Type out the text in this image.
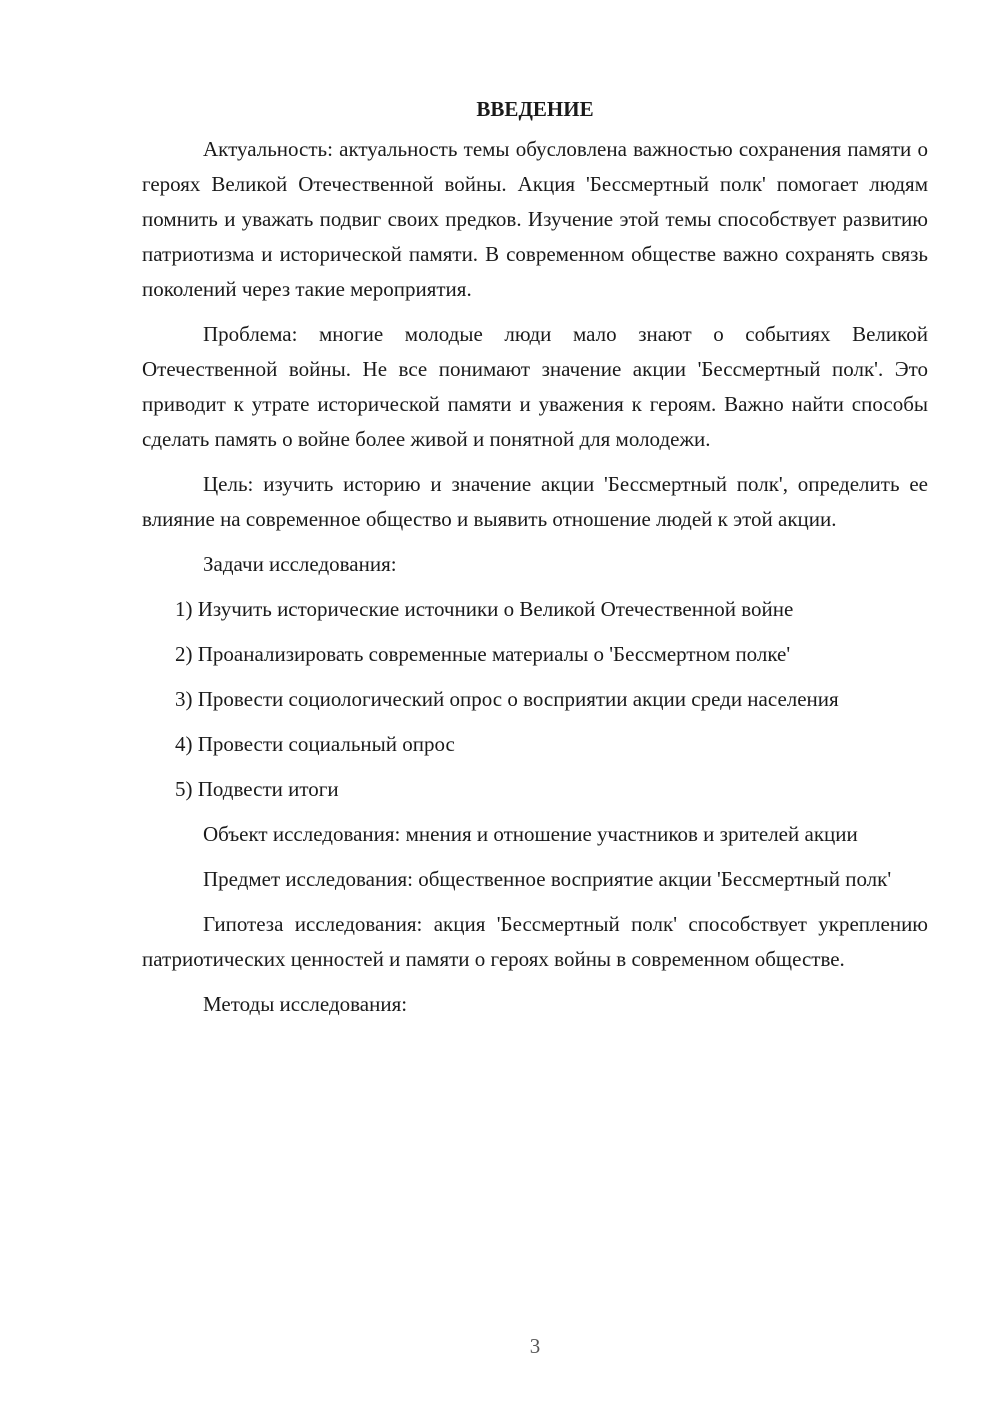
ВВЕДЕНИЕ

Актуальность: актуальность темы обусловлена важностью сохранения памяти о героях Великой Отечественной войны. Акция 'Бессмертный полк' помогает людям помнить и уважать подвиг своих предков. Изучение этой темы способствует развитию патриотизма и исторической памяти. В современном обществе важно сохранять связь поколений через такие мероприятия.

Проблема: многие молодые люди мало знают о событиях Великой Отечественной войны. Не все понимают значение акции 'Бессмертный полк'. Это приводит к утрате исторической памяти и уважения к героям. Важно найти способы сделать память о войне более живой и понятной для молодежи.

Цель: изучить историю и значение акции 'Бессмертный полк', определить ее влияние на современное общество и выявить отношение людей к этой акции.

Задачи исследования:

1) Изучить исторические источники о Великой Отечественной войне

2) Проанализировать современные материалы о 'Бессмертном полке'

3) Провести социологический опрос о восприятии акции среди населения

4) Провести социальный опрос

5) Подвести итоги

Объект исследования: мнения и отношение участников и зрителей акции

Предмет исследования: общественное восприятие акции 'Бессмертный полк'

Гипотеза исследования: акция 'Бессмертный полк' способствует укреплению патриотических ценностей и памяти о героях войны в современном обществе.

Методы исследования:

3
